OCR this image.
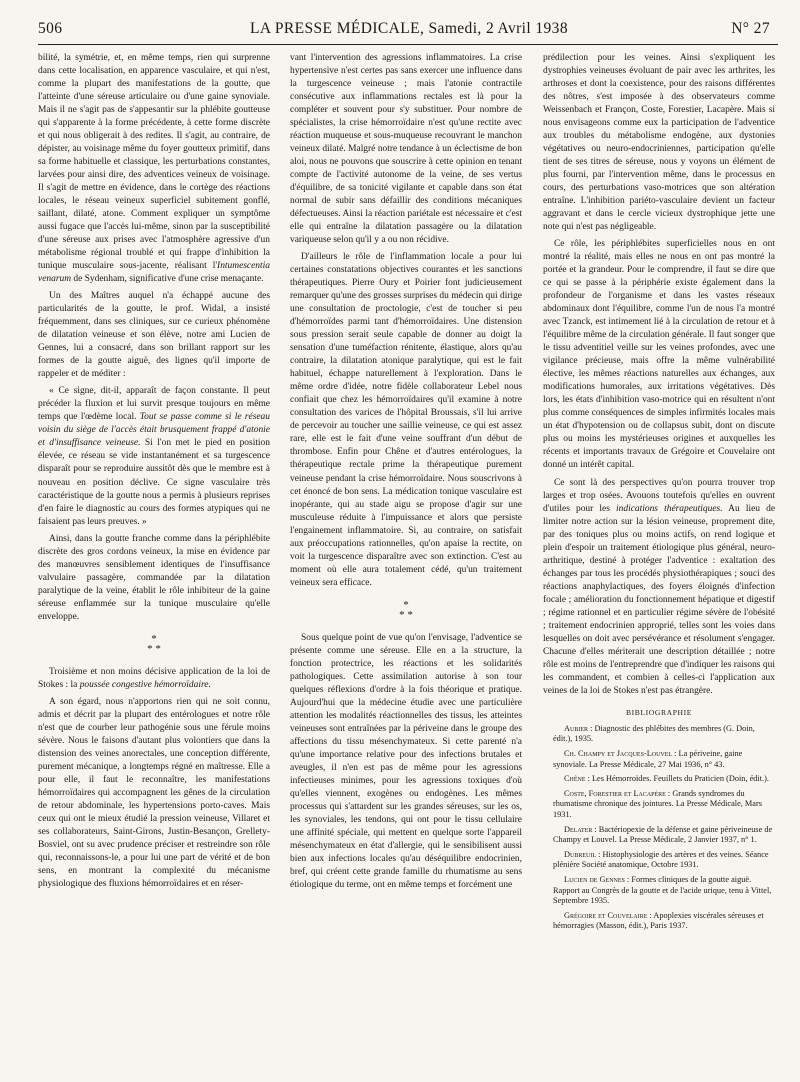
506	LA PRESSE MÉDICALE, Samedi, 2 Avril 1938	N° 27

bilité, la symétrie, et, en même temps, rien qui surprenne dans cette localisation, en apparence vasculaire, et qui n'est, comme la plupart des manifestations de la goutte, que l'atteinte d'une séreuse articulaire ou d'une gaine synoviale. Mais il ne s'agit pas de s'appesantir sur la phlébite goutteuse qui s'apparente à la forme précédente, à cette forme discrète et qui nous obligerait à des redites. Il s'agit, au contraire, de dépister, au voisinage même du foyer goutteux primitif, dans sa forme habituelle et classique, les perturbations constantes, larvées pour ainsi dire, des adventices veineux de voisinage. Il s'agit de mettre en évidence, dans le cortège des réactions locales, le réseau veineux superficiel subitement gonflé, saillant, dilaté, atone. Comment expliquer un symptôme aussi fugace que l'accès lui-même, sinon par la susceptibilité d'une séreuse aux prises avec l'atmosphère agressive d'un métabolisme régional troublé et qui frappe d'inhibition la tunique musculaire sous-jacente, réalisant l'Intumescentia venarum de Sydenham, significative d'une crise menaçante.

Un des Maîtres auquel n'a échappé aucune des particularités de la goutte, le prof. Widal, a insisté fréquemment, dans ses cliniques, sur ce curieux phénomène de dilatation veineuse et son élève, notre ami Lucien de Gennes, lui a consacré, dans son brillant rapport sur les formes de la goutte aiguë, des lignes qu'il importe de rappeler et de méditer :

« Ce signe, dit-il, apparaît de façon constante. Il peut précéder la fluxion et lui survit presque toujours en même temps que l'œdème local. Tout se passe comme si le réseau voisin du siège de l'accès était brusquement frappé d'atonie et d'insuffisance veineuse. Si l'on met le pied en position élevée, ce réseau se vide instantanément et sa turgescence disparaît pour se reproduire aussitôt dès que le membre est à nouveau en position déclive. Ce signe vasculaire très caractéristique de la goutte nous a permis à plusieurs reprises d'en faire le diagnostic au cours des formes atypiques qui ne faisaient pas leurs preuves. »

Ainsi, dans la goutte franche comme dans la périphlébite discrète des gros cordons veineux, la mise en évidence par des manœuvres sensiblement identiques de l'insuffisance valvulaire passagère, commandée par la dilatation paralytique de la veine, établit le rôle inhibiteur de la gaine séreuse enflammée sur la tunique musculaire qu'elle enveloppe.

*
* *

Troisième et non moins décisive application de la loi de Stokes : la poussée congestive hémorroïdaire.

A son égard, nous n'apportons rien qui ne soit connu, admis et décrit par la plupart des entérologues et notre rôle n'est que de courber leur pathogénie sous une férule moins sévère. Nous le faisons d'autant plus volontiers que dans la distension des veines anorectales, une conception différente, purement mécanique, a longtemps régné en maîtresse. Elle a pour elle, il faut le reconnaître, les manifestations hémorroïdaires qui accompagnent les gênes de la circulation de retour abdominale, les hypertensions porto-caves. Mais ceux qui ont le mieux étudié la pression veineuse, Villaret et ses collaborateurs, Saint-Girons, Justin-Besançon, Grellety-Bosviel, ont su avec prudence préciser et restreindre son rôle qui, reconnaissons-le, a pour lui une part de vérité et de bon sens, en montrant la complexité du mécanisme physiologique des fluxions hémorroïdaires et en réser-

vant l'intervention des agressions inflammatoires. La crise hypertensive n'est certes pas sans exercer une influence dans la turgescence veineuse ; mais l'atonie contractile consécutive aux inflammations rectales est là pour la compléter et souvent pour s'y substituer. Pour nombre de spécialistes, la crise hémorroïdaire n'est qu'une rectite avec réaction muqueuse et sous-muqueuse recouvrant le manchon veineux dilaté. Malgré notre tendance à un éclectisme de bon aloi, nous ne pouvons que souscrire à cette opinion en tenant compte de l'activité autonome de la veine, de ses vertus d'équilibre, de sa tonicité vigilante et capable dans son état normal de subir sans défaillir des conditions mécaniques défectueuses. Ainsi la réaction pariétale est nécessaire et c'est elle qui entraîne la dilatation passagère ou la dilatation variqueuse selon qu'il y a ou non récidive.

D'ailleurs le rôle de l'inflammation locale a pour lui certaines constatations objectives courantes et les sanctions thérapeutiques. Pierre Oury et Poirier font judicieusement remarquer qu'une des grosses surprises du médecin qui dirige une consultation de proctologie, c'est de toucher si peu d'hémorroïdes parmi tant d'hémorroïdaires. Une distension sous pression serait seule capable de donner au doigt la sensation d'une tuméfaction rénitente, élastique, alors qu'au contraire, la dilatation atonique paralytique, qui est le fait habituel, échappe naturellement à l'exploration. Dans le même ordre d'idée, notre fidèle collaborateur Lebel nous confiait que chez les hémorroïdaires qu'il examine à notre consultation des varices de l'hôpital Broussais, s'il lui arrive de percevoir au toucher une saillie veineuse, ce qui est assez rare, elle est le fait d'une veine souffrant d'un début de thrombose. Enfin pour Chêne et d'autres entérologues, la thérapeutique rectale prime la thérapeutique purement veineuse pendant la crise hémorroïdaire. Nous souscrivons à cet énoncé de bon sens. La médication tonique vasculaire est inopérante, qui au stade aigu se propose d'agir sur une musculeuse réduite à l'impuissance et alors que persiste l'engainement inflammatoire. Si, au contraire, on satisfait aux préoccupations rationnelles, qu'on apaise la rectite, on voit la turgescence disparaître avec son extinction. C'est au moment où elle aura totalement cédé, qu'un traitement veineux sera efficace.

*
* *

Sous quelque point de vue qu'on l'envisage, l'adventice se présente comme une séreuse. Elle en a la structure, la fonction protectrice, les réactions et les solidarités pathologiques. Cette assimilation autorise à son tour quelques réflexions d'ordre à la fois théorique et pratique. Aujourd'hui que la médecine étudie avec une particulière attention les modalités réactionnelles des tissus, les atteintes veineuses sont entraînées par la périveine dans le groupe des affections du tissu mésenchymateux. Si cette parenté n'a qu'une importance relative pour des infections brutales et aveugles, il n'en est pas de même pour les agressions infectieuses minimes, pour les agressions toxiques d'où qu'elles viennent, exogènes ou endogènes. Les mêmes processus qui s'attardent sur les grandes séreuses, sur les os, les synoviales, les tendons, qui ont pour le tissu cellulaire une affinité spéciale, qui mettent en quelque sorte l'appareil mésenchymateux en état d'allergie, qui le sensibilisent aussi bien aux infections locales qu'au déséquilibre endocrinien, bref, qui créent cette grande famille du rhumatisme au sens étiologique du terme, ont en même temps et forcément une

prédilection pour les veines. Ainsi s'expliquent les dystrophies veineuses évoluant de pair avec les arthrites, les arthroses et dont la coexistence, pour des raisons différentes des nôtres, s'est imposée à des observateurs comme Weissenbach et Françon, Coste, Forestier, Lacapère. Mais si nous envisageons comme eux la participation de l'adventice aux troubles du métabolisme endogène, aux dystonies végétatives ou neuro-endocriniennes, participation qu'elle tient de ses titres de séreuse, nous y voyons un élément de plus fourni, par l'intervention même, dans le processus en cours, des perturbations vaso-motrices que son altération entraîne. L'inhibition pariéto-vasculaire devient un facteur aggravant et dans le cercle vicieux dystrophique jette une note qui n'est pas négligeable.

Ce rôle, les périphlébites superficielles nous en ont montré la réalité, mais elles ne nous en ont pas montré la portée et la grandeur. Pour le comprendre, il faut se dire que ce qui se passe à la périphérie existe également dans la profondeur de l'organisme et dans les vastes réseaux abdominaux dont l'équilibre, comme l'un de nous l'a montré avec Tzanck, est intimement lié à la circulation de retour et à l'équilibre même de la circulation générale. Il faut songer que le tissu adventitiel veille sur les veines profondes, avec une vigilance précieuse, mais offre la même vulnérabilité élective, les mêmes réactions naturelles aux échanges, aux modifications humorales, aux irritations végétatives. Dès lors, les états d'inhibition vaso-motrice qui en résultent n'ont plus comme conséquences de simples infirmités locales mais un état d'hypotension ou de collapsus subit, dont on discute plus ou moins les mystérieuses origines et auxquelles les récents et importants travaux de Grégoire et Couvelaire ont donné un intérêt capital.

Ce sont là des perspectives qu'on pourra trouver trop larges et trop osées. Avouons toutefois qu'elles en ouvrent d'utiles pour les indications thérapeutiques. Au lieu de limiter notre action sur la lésion veineuse, proprement dite, par des toniques plus ou moins actifs, on rend logique et plein d'espoir un traitement étiologique plus général, neuro-arthritique, destiné à protéger l'adventice : exaltation des échanges par tous les procédés physiothérapiques ; souci des réactions anaphylactiques, des foyers éloignés d'infection focale ; amélioration du fonctionnement hépatique et digestif ; régime rationnel et en particulier régime sévère de l'obésité ; traitement endocrinien approprié, telles sont les voies dans lesquelles on doit avec persévérance et résolument s'engager. Chacune d'elles mériterait une description détaillée ; notre rôle est moins de l'entreprendre que d'indiquer les raisons qui les commandent, et combien à celles-ci l'application aux veines de la loi de Stokes n'est pas étrangère.

BIBLIOGRAPHIE

Aubier : Diagnostic des phlébites des membres (G. Doin, édit.), 1935.

Ch. Champy et Jacques-Louvel : La périveine, gaine synoviale. La Presse Médicale, 27 Mai 1936, n° 43.

Chêne : Les Hémorroïdes. Feuillets du Praticien (Doin, édit.).

Coste, Forestier et Lacapère : Grands syndromes du rhumatisme chronique des jointures. La Presse Médicale, Mars 1931.

Delater : Bactériopexie de la défense et gaine périveineuse de Champy et Louvel. La Presse Médicale, 2 Janvier 1937, n° 1.

Dubreuil : Histophysiologie des artères et des veines. Séance plénière Société anatomique, Octobre 1931.

Lucien de Gennes : Formes cliniques de la goutte aiguë. Rapport au Congrès de la goutte et de l'acide urique, tenu à Vittel, Septembre 1935.

Grégoire et Couvelaire : Apoplexies viscérales séreuses et hémorragies (Masson, édit.), Paris 1937.
